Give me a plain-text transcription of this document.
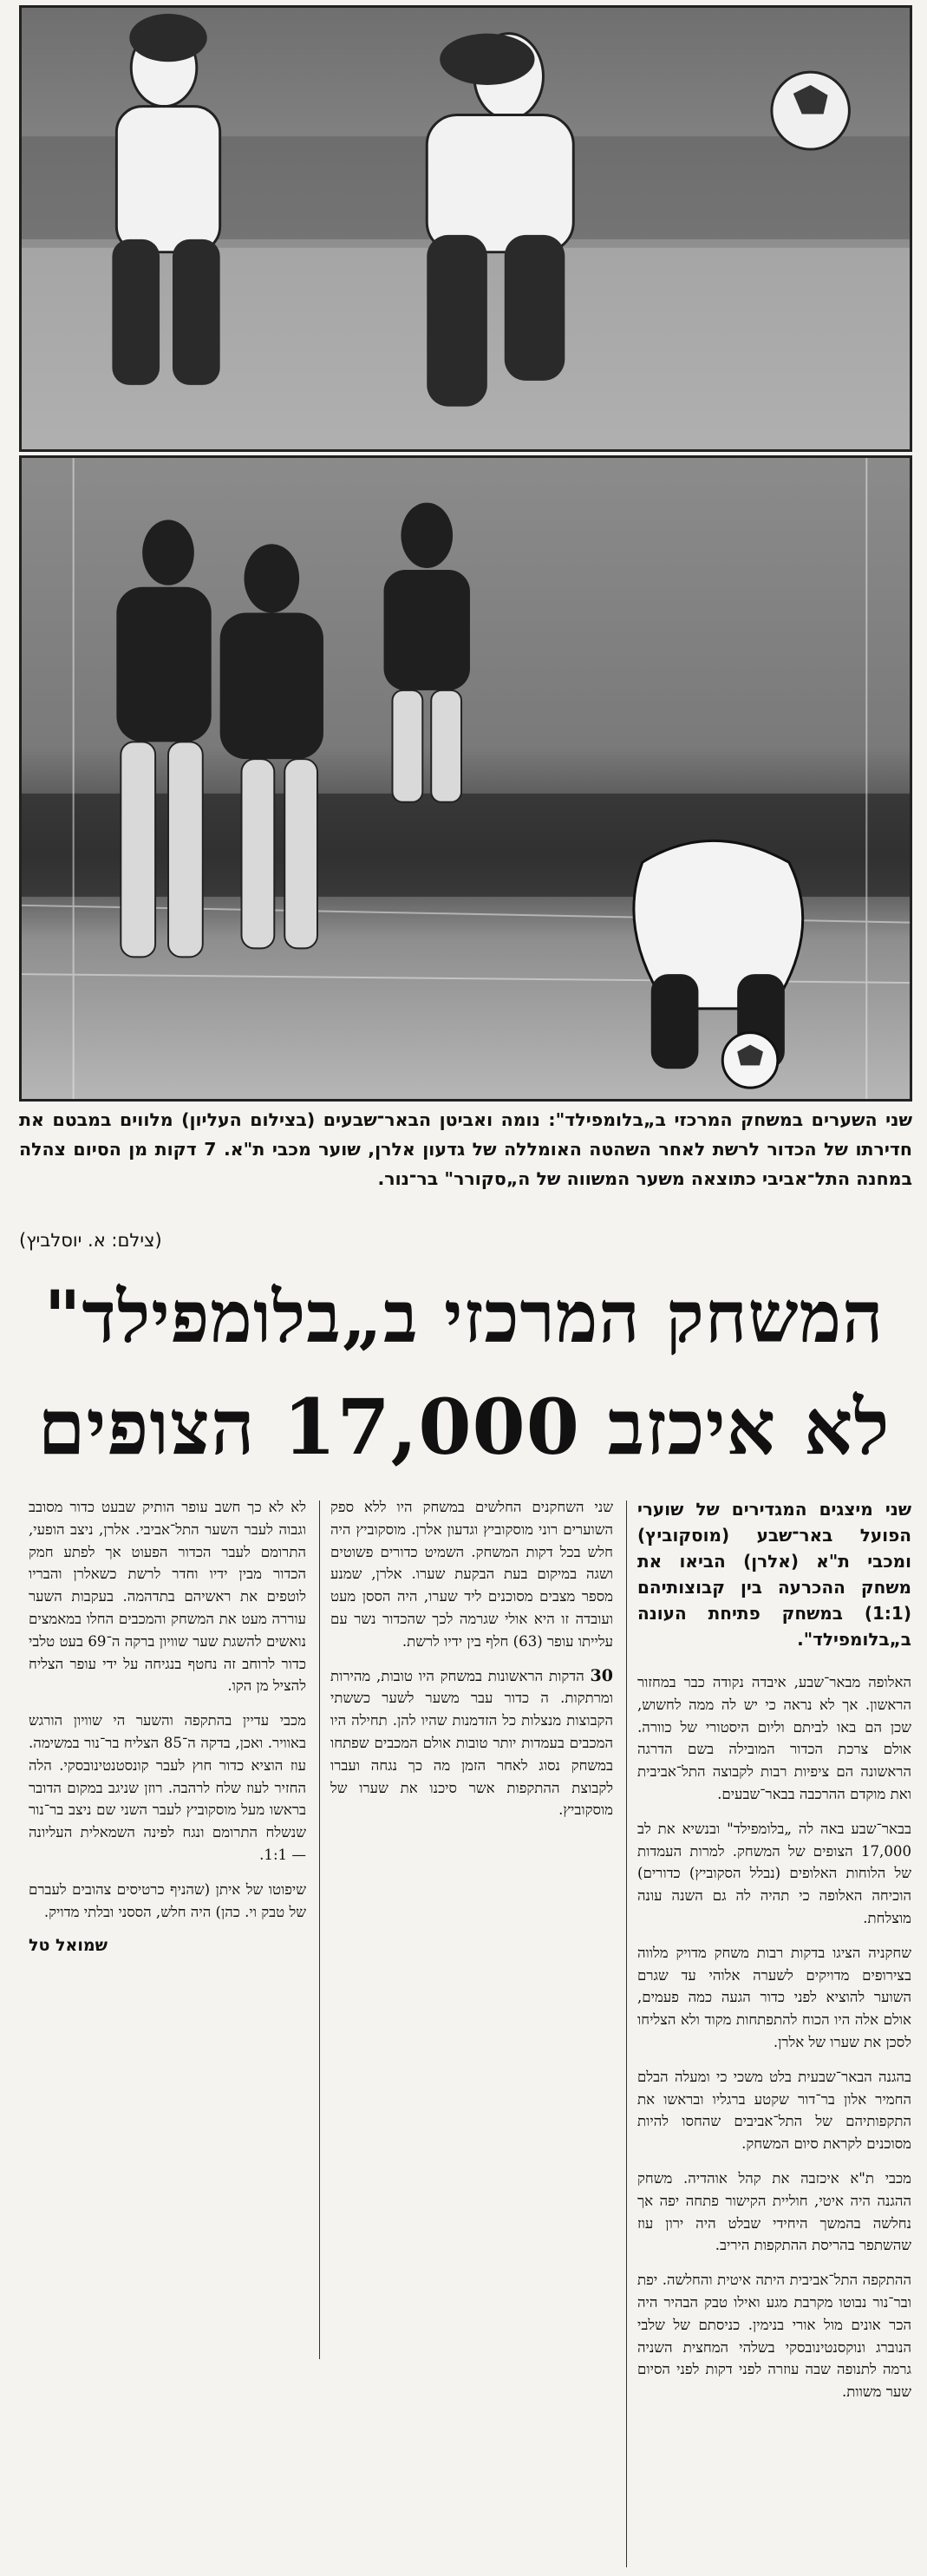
שני השערים במשחק המרכזי ב„בלומפילד": נומה ואביטן הבאר־שבעים (בצילום העליון) מלווים במבטם את חדירתו של הכדור לרשת לאחר השהטה האומללה של גדעון אלרן, שוער מכבי ת"א. 7 דקות מן הסיום צהלה במחנה התל־אביבי כתוצאה משער המשווה של ה„סקורר" בר־נור.
(צילם: א. יוסלביץ)
המשחק המרכזי ב„בלומפילד"
לא איכזב 17,000 הצופים

שני מיצגים המגדירים של שוערי הפועל באר־שבע (מוסקוביץ) ומכבי ת"א (אלרן) הביאו את משחק ההכרעה בין קבוצותיהם (1:1) במשחק פתיחת העונה ב„בלומפילד".

האלופה מבאר־שבע, איבדה נקודה כבר במחזור הראשון. אך לא נראה כי יש לה ממה לחשוש, שכן הם באו לביתם וליום היסטורי של כוורה. אולם צרכת הכדור המובילה בשם הדרגה הראשונה הם ציפיות רבות לקבוצה התל־אביבית ואת מוקדם ההרכבה בבאר־שבעים.

בבאר־שבע באה לה „בלומפילד" ובנשיא את לב 17,000 הצופים של המשחק. למרות העמדות של הלוחות האלופים (נבלל הסקוביץ) כדורים) הוכיחה האלופה כי תהיה לה גם השנה עונה מוצלחת.

שחקניה הציגו בדקות רבות משחק מדויק מלווה בצירופים מדויקים לשערה אלוהי עד שגרם השוער להוציא לפני כדור הגעה כמה פעמים, אולם אלה היו הכוח להתפתחות מקוד ולא הצליחו לסכן את שערו של אלרן.

בהגנה הבאר־שבעית בלט משכי כי ומעלה הבלם החמיר אלון בר־דור שקטע ברגליו ובראשו את התקפותיהם של התל־אביבים שהחסו להיות מסוכנים לקראת סיום המשחק.

מכבי ת"א איכזבה את קהל אוהדיה. משחק ההגנה היה איטי, חוליית הקישור פתחה יפה אך נחלשה בהמשך היחידי שבלט היה ירון עוז שהשתפר בהריסת ההתקפות היריב.

ההתקפה התל־אביבית היתה איטית והחלשה. יפת ובר־נור נבוטו מקרבת מגע ואילו טבק הבהיר היה הכר אונים מול אורי בנימין. כניסתם של שלבי הנוברג ונוקסנטינובסקי בשלהי המחצית השניה גרמה לתנופה שבה עוזרה לפני דקות לפני הסיום שער משוות.

שני השחקנים החלשים במשחק היו ללא ספק השוערים רוני מוסקוביץ וגדעון אלרן. מוסקוביץ היה חלש בכל דקות המשחק. השמיט כדורים פשוטים ושגה במיקום בעת הבקעת שערו. אלרן, שמנע מספר מצבים מסוכנים ליד שערו, היה הססן מעט ועובדה זו היא אולי שגרמה לכך שהכדור נשר עם עלייתו עופר (63) חלף בין ידיו לרשת.

30 הדקות הראשונות במשחק היו טובות, מהירות ומרתקות. ה כדור עבר משער לשער כששתי הקבוצות מנצלות כל הזדמנות שהיו להן. תחילה היו המכבים בעמדות יותר טובות אולם המכבים שפתחו במשחק נסוג לאחר הזמן מה כך נגחה ועברו לקבוצת ההתקפות אשר סיכנו את שערו של מוסקוביץ.

לא לא כך חשב עופר הותיק שבעט כדור מסובב וגבוה לעבר השער התל־אביבי. אלרן, ניצב הופעי, התרומם לעבר הכדור הפעוט אך לפתע חמק הכדור מבין ידיו וחדר לרשת כשאלרן והבריו לוטפים את ראשיהם בתדהמה. בעקבות השער עוררה מעט את המשחק והמכבים החלו במאמצים נואשים להשגת שער שוויון ברקה ה־69 בעט טלבי כדור לרוחב זה נחטף בנגיחה על ידי עופר הצליח להציל מן הקו.

מכבי עדיין בהתקפה והשער הי שוויון הורגש באוויר. ואכן, בדקה ה־85 הצליח בר־נור במשימה. עוז הוציא כדור חוץ לעבר קונסטנטינובסקי. הלה החזיר לעוז שלח לרהבה. רוזן שניגב במקום הדובר בראשו מעל מוסקוביץ לעבר השני שם ניצב בר־נור שנשלח התרומם ונגח לפינה השמאלית העליונה — 1:1.

שיפוטו של איתן (שהניף כרטיסים צהובים לעברם של טבק וי. כהן) היה חלש, הססני ובלתי מדויק.

שמואל טל
